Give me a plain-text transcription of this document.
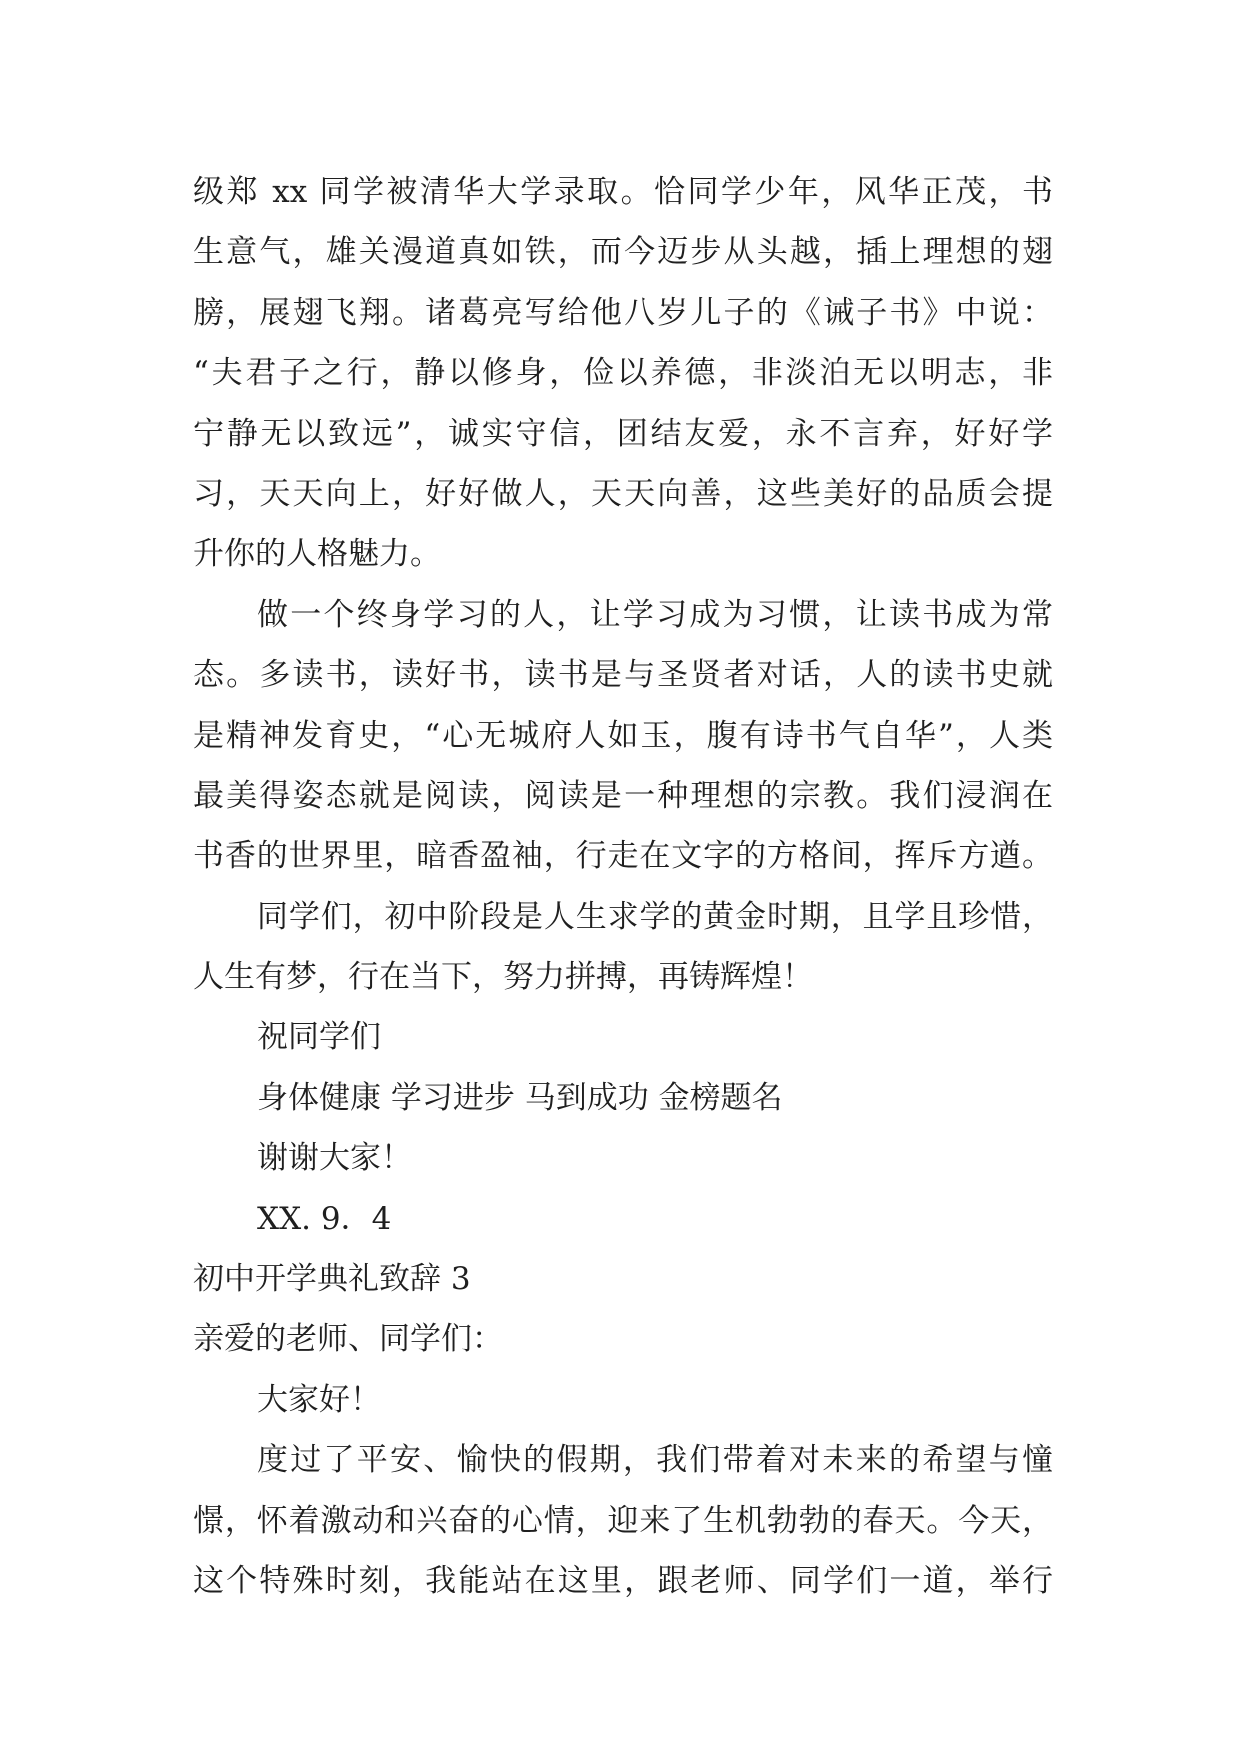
级郑 xx 同学被清华大学录取。恰同学少年，风华正茂，书
生意气，雄关漫道真如铁，而今迈步从头越，插上理想的翅
膀，展翅飞翔。诸葛亮写给他八岁儿子的《诫子书》中说：
“夫君子之行，静以修身，俭以养德，非淡泊无以明志，非
宁静无以致远”，诚实守信，团结友爱，永不言弃，好好学
习，天天向上，好好做人，天天向善，这些美好的品质会提
升你的人格魅力。
做一个终身学习的人，让学习成为习惯，让读书成为常
态。多读书，读好书，读书是与圣贤者对话，人的读书史就
是精神发育史，“心无城府人如玉，腹有诗书气自华”，人类
最美得姿态就是阅读，阅读是一种理想的宗教。我们浸润在
书香的世界里，暗香盈袖，行走在文字的方格间，挥斥方遒。
同学们，初中阶段是人生求学的黄金时期，且学且珍惜，
人生有梦，行在当下，努力拼搏，再铸辉煌！
祝同学们
身体健康 学习进步 马到成功 金榜题名
谢谢大家！
XX. 9．4
初中开学典礼致辞 3
亲爱的老师、同学们：
大家好！
度过了平安、愉快的假期，我们带着对未来的希望与憧
憬，怀着激动和兴奋的心情，迎来了生机勃勃的春天。今天，
这个特殊时刻，我能站在这里，跟老师、同学们一道，举行
